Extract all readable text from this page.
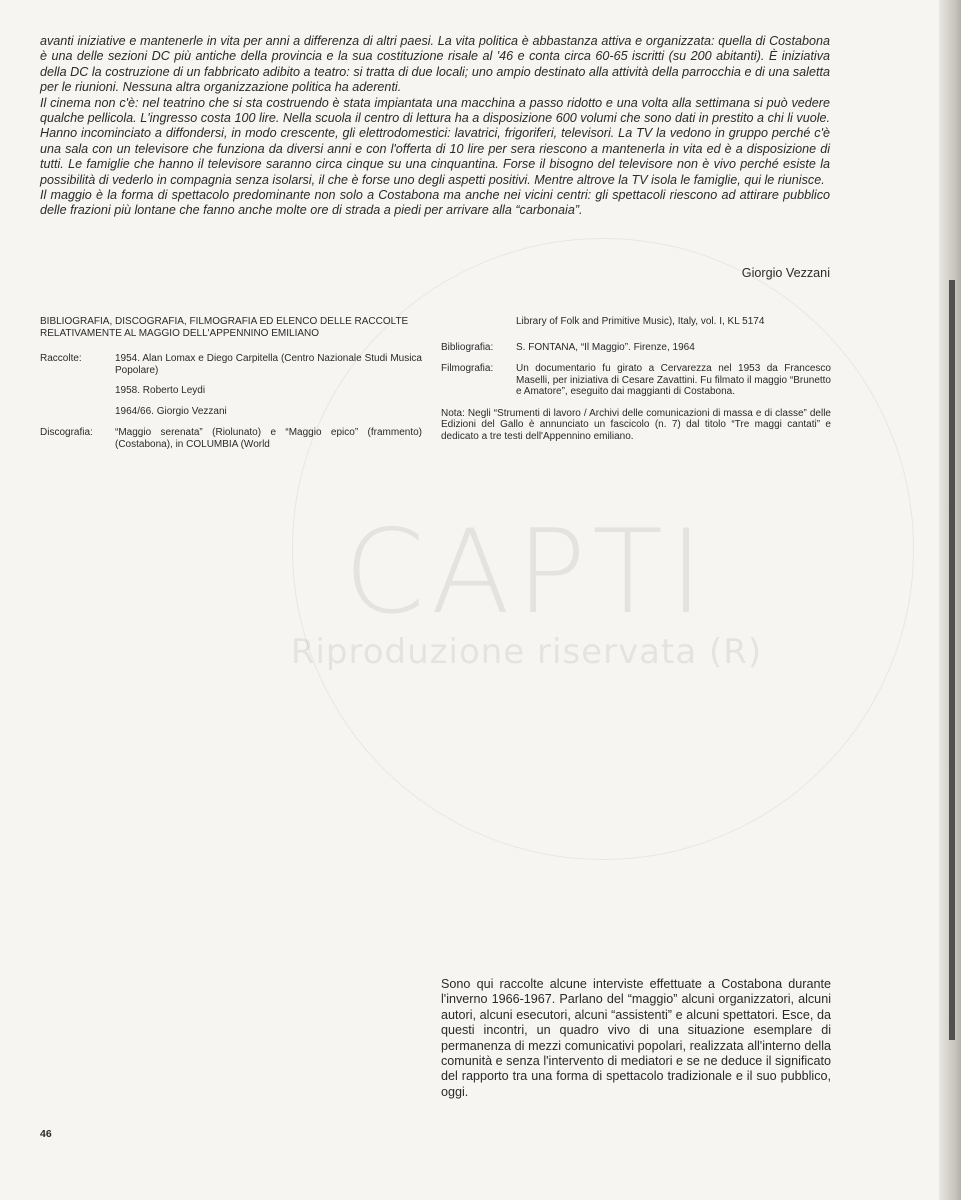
CAPTI
Riproduzione riservata (R)

avanti iniziative e mantenerle in vita per anni a differenza di altri paesi. La vita politica è abbastanza attiva e organizzata: quella di Costabona è una delle sezioni DC più antiche della provincia e la sua costituzione risale al '46 e conta circa 60-65 iscritti (su 200 abitanti). È iniziativa della DC la costruzione di un fabbricato adibito a teatro: si tratta di due locali; uno ampio destinato alla attività della parrocchia e di una saletta per le riunioni. Nessuna altra organizzazione politica ha aderenti.

Il cinema non c'è: nel teatrino che si sta costruendo è stata impiantata una macchina a passo ridotto e una volta alla settimana si può vedere qualche pellicola. L'ingresso costa 100 lire. Nella scuola il centro di lettura ha a disposizione 600 volumi che sono dati in prestito a chi li vuole. Hanno incominciato a diffondersi, in modo crescente, gli elettrodomestici: lavatrici, frigoriferi, televisori. La TV la vedono in gruppo perché c'è una sala con un televisore che funziona da diversi anni e con l'offerta di 10 lire per sera riescono a mantenerla in vita ed è a disposizione di tutti. Le famiglie che hanno il televisore saranno circa cinque su una cinquantina. Forse il bisogno del televisore non è vivo perché esiste la possibilità di vederlo in compagnia senza isolarsi, il che è forse uno degli aspetti positivi. Mentre altrove la TV isola le famiglie, qui le riunisce.

Il maggio è la forma di spettacolo predominante non solo a Costabona ma anche nei vicini centri: gli spettacoli riescono ad attirare pubblico delle frazioni più lontane che fanno anche molte ore di strada a piedi per arrivare alla “carbonaia”.

Giorgio Vezzani
BIBLIOGRAFIA, DISCOGRAFIA, FILMOGRAFIA ED ELENCO DELLE RACCOLTE RELATIVAMENTE AL MAGGIO DELL'APPENNINO EMILIANO
Raccolte:	1954. Alan Lomax e Diego Carpitella (Centro Nazionale Studi Musica Popolare)
1958. Roberto Leydi
1964/66. Giorgio Vezzani
Discografia:	“Maggio serenata” (Riolunato) e “Maggio epico” (frammento) (Costabona), in COLUMBIA (World
Library of Folk and Primitive Music), Italy, vol. I, KL 5174
Bibliografia:	S. FONTANA, “Il Maggio”. Firenze, 1964
Filmografia:	Un documentario fu girato a Cervarezza nel 1953 da Francesco Maselli, per iniziativa di Cesare Zavattini. Fu filmato il maggio “Brunetto e Amatore”, eseguito dai maggianti di Costabona.
Nota: Negli “Strumenti di lavoro / Archivi delle comunicazioni di massa e di classe” delle Edizioni del Gallo è annunciato un fascicolo (n. 7) dal titolo “Tre maggi cantati” e dedicato a tre testi dell'Appennino emiliano.
Sono qui raccolte alcune interviste effettuate a Costabona durante l'inverno 1966-1967. Parlano del “maggio” alcuni organizzatori, alcuni autori, alcuni esecutori, alcuni “assistenti” e alcuni spettatori. Esce, da questi incontri, un quadro vivo di una situazione esemplare di permanenza di mezzi comunicativi popolari, realizzata all'interno della comunità e senza l'intervento di mediatori e se ne deduce il significato del rapporto tra una forma di spettacolo tradizionale e il suo pubblico, oggi.
46
